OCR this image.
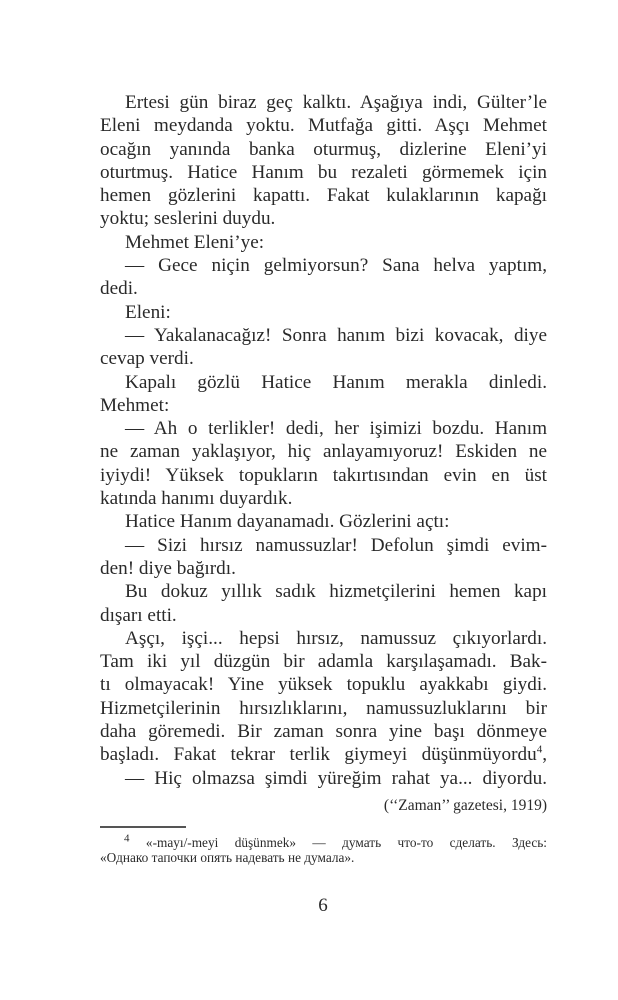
Ertesi gün biraz geç kalktı. Aşağıya indi, Gülter’le
Eleni meydanda yoktu. Mutfağa gitti. Aşçı Mehmet
ocağın yanında banka oturmuş, dizlerine Eleni’yi
oturtmuş. Hatice Hanım bu rezaleti görmemek için
hemen gözlerini kapattı. Fakat kulaklarının kapağı
yoktu; seslerini duydu.
Mehmet Eleni’ye:
— Gece niçin gelmiyorsun? Sana helva yaptım,
dedi.
Eleni:
— Yakalanacağız! Sonra hanım bizi kovacak, diye
cevap verdi.
Kapalı gözlü Hatice Hanım merakla dinledi.
Mehmet:
— Ah o terlikler! dedi, her işimizi bozdu. Hanım
ne zaman yaklaşıyor, hiç anlayamıyoruz! Eskiden ne
iyiydi! Yüksek topukların takırtısından evin en üst
katında hanımı duyardık.
Hatice Hanım dayanamadı. Gözlerini açtı:
— Sizi hırsız namussuzlar! Defolun şimdi evim-
den! diye bağırdı.
Bu dokuz yıllık sadık hizmetçilerini hemen kapı
dışarı etti.
Aşçı, işçi... hepsi hırsız, namussuz çıkıyorlardı.
Tam iki yıl düzgün bir adamla karşılaşamadı. Bak-
tı olmayacak! Yine yüksek topuklu ayakkabı giydi.
Hizmetçilerinin hırsızlıklarını, namussuzluklarını bir
daha göremedi. Bir zaman sonra yine başı dönmeye
başladı. Fakat tekrar terlik giymeyi düşünmüyordu$^4$,
— Hiç olmazsa şimdi yüreğim rahat ya... diyordu.
(‘‘Zaman’’ gazetesi, 1919)
$^4$ «-mayı/-meyi düşünmek» — думать что-то сделать. Здесь:
«Однако тапочки опять надевать не думала».
6
